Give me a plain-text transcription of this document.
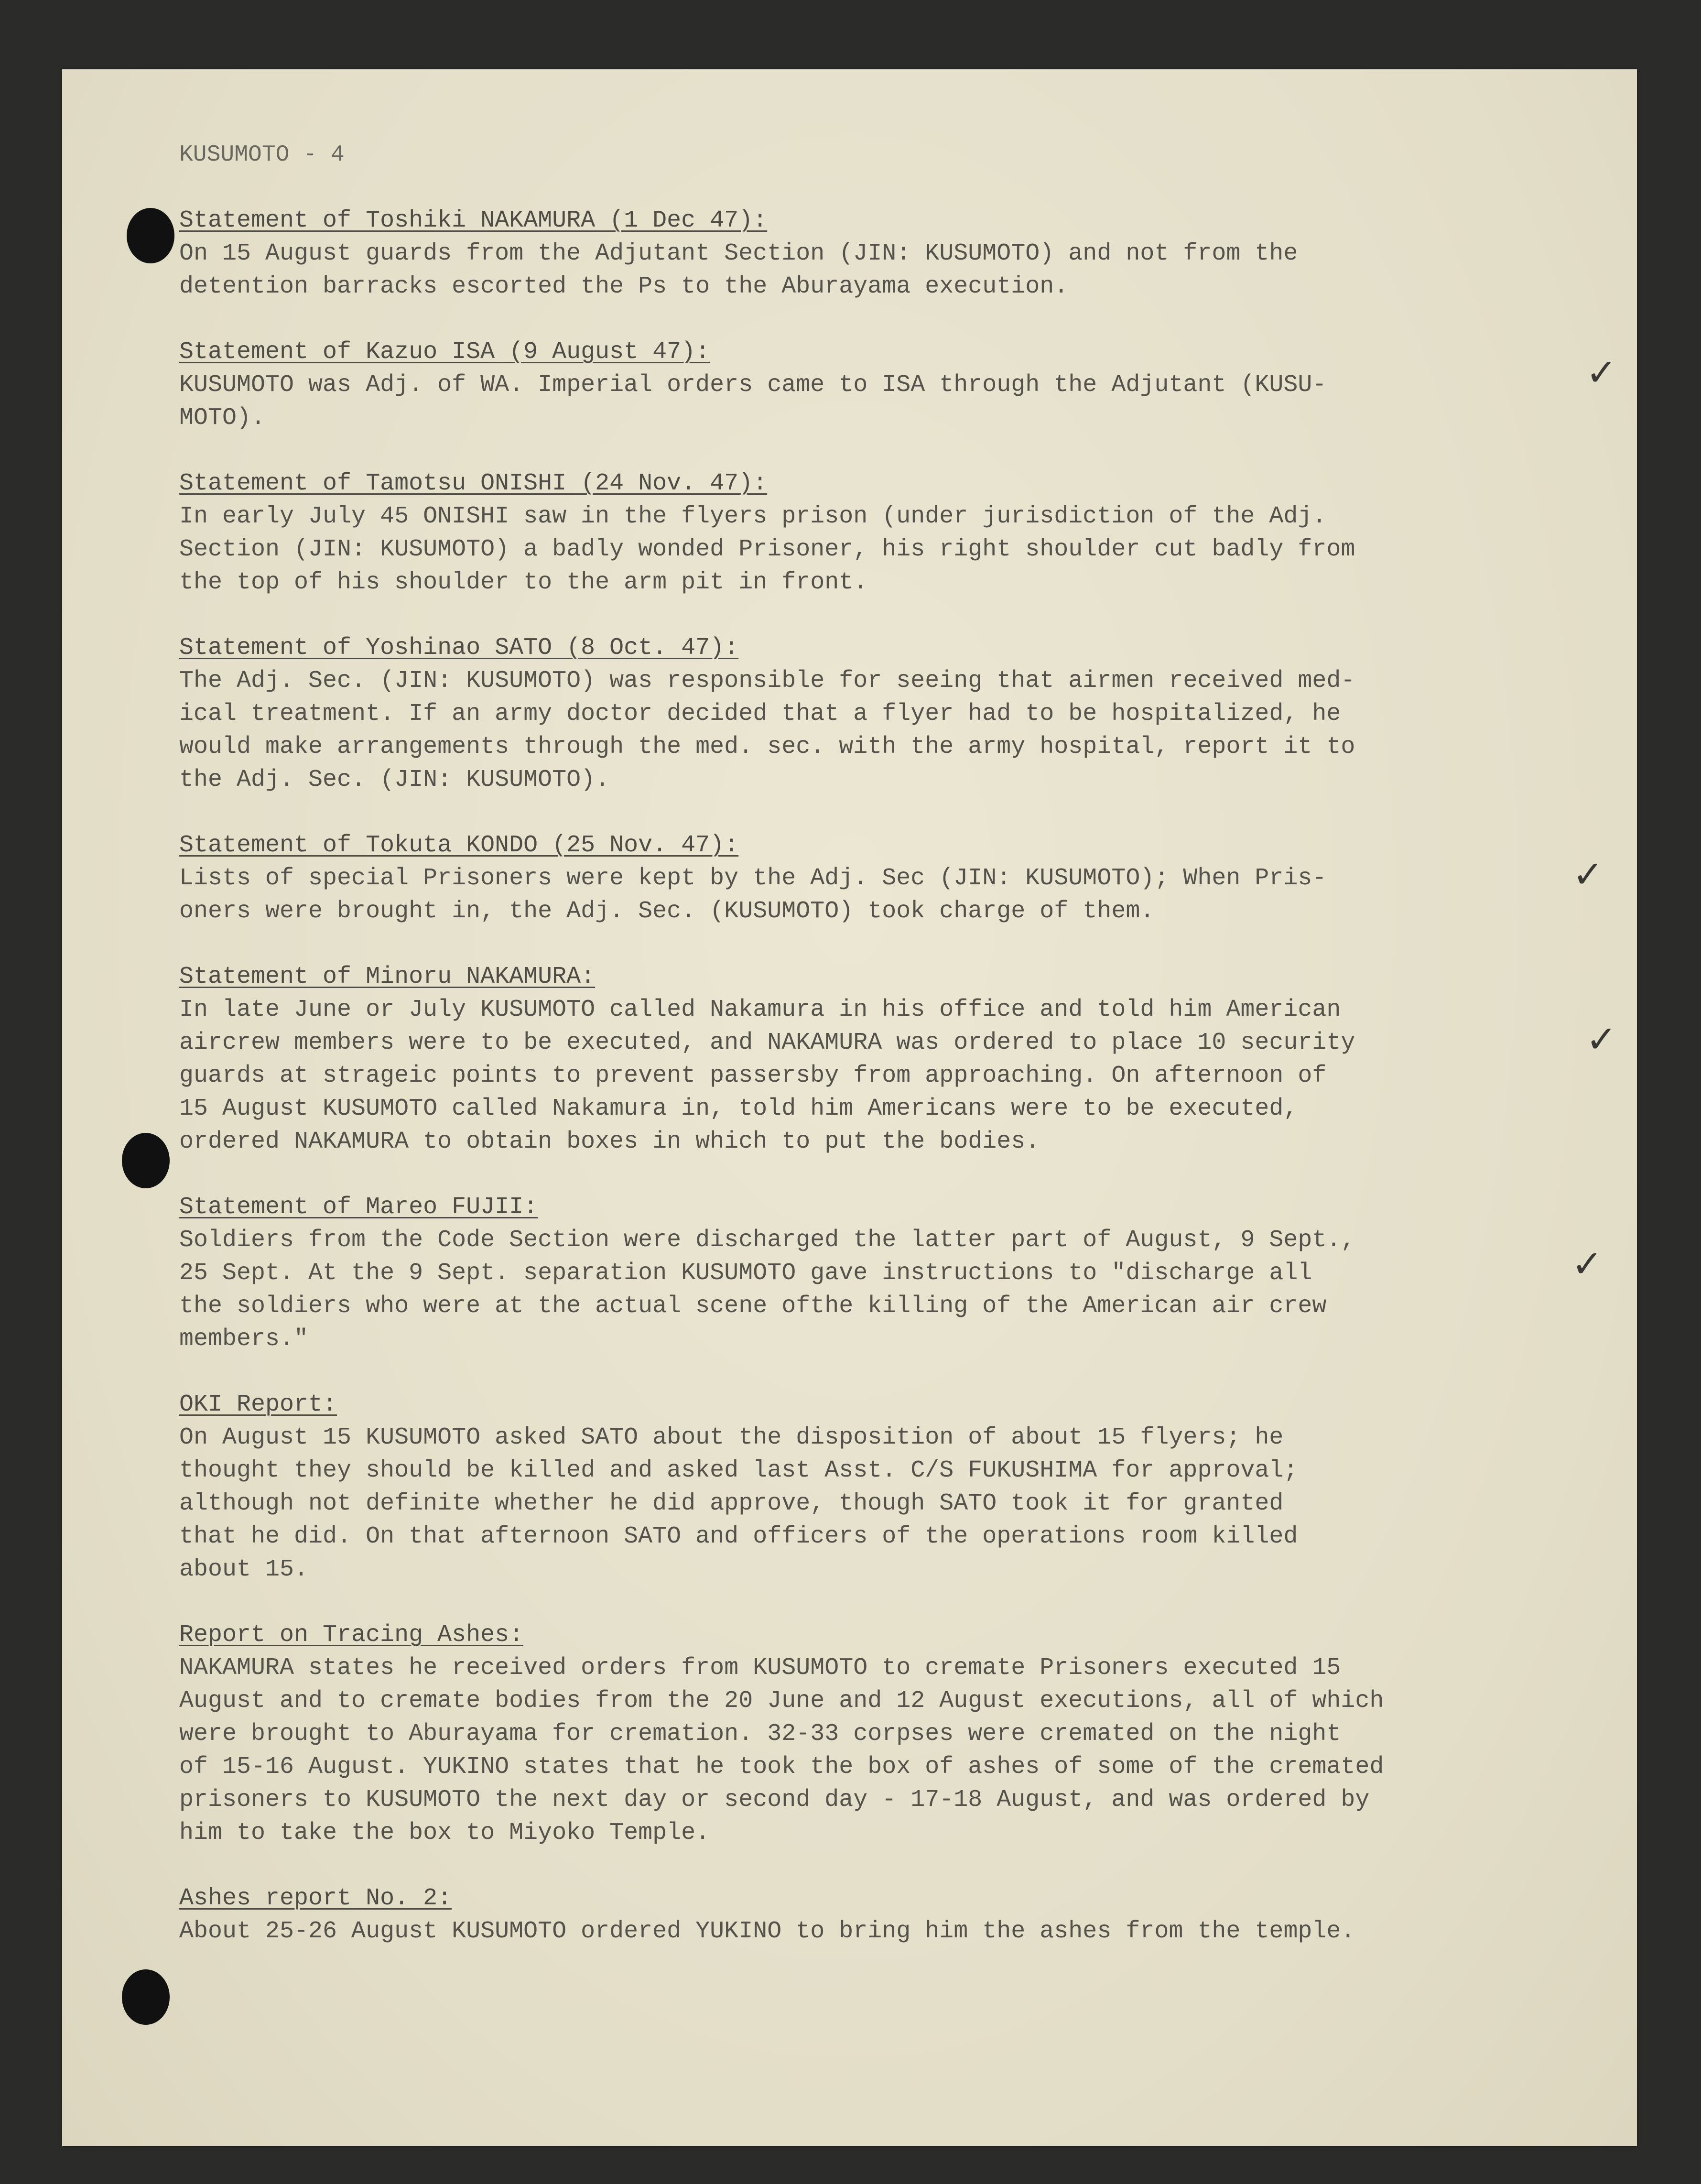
KUSUMOTO - 4
Statement of Toshiki NAKAMURA (1 Dec 47):
On 15 August guards from the Adjutant Section (JIN: KUSUMOTO) and not from the
detention barracks escorted the Ps to the Aburayama execution.
Statement of Kazuo ISA (9 August 47):
KUSUMOTO was Adj. of WA. Imperial orders came to ISA through the Adjutant (KUSU-
MOTO).
Statement of Tamotsu ONISHI (24 Nov. 47):
In early July 45 ONISHI saw in the flyers prison (under jurisdiction of the Adj.
Section (JIN: KUSUMOTO) a badly wonded Prisoner, his right shoulder cut badly from
the top of his shoulder to the arm pit in front.
Statement of Yoshinao SATO (8 Oct. 47):
The Adj. Sec. (JIN: KUSUMOTO) was responsible for seeing that airmen received med-
ical treatment. If an army doctor decided that a flyer had to be hospitalized, he
would make arrangements through the med. sec. with the army hospital, report it to
the Adj. Sec. (JIN: KUSUMOTO).
Statement of Tokuta KONDO (25 Nov. 47):
Lists of special Prisoners were kept by the Adj. Sec (JIN: KUSUMOTO); When Pris-
oners were brought in, the Adj. Sec. (KUSUMOTO) took charge of them.
Statement of Minoru NAKAMURA:
In late June or July KUSUMOTO called Nakamura in his office and told him American
aircrew members were to be executed, and NAKAMURA was ordered to place 10 security
guards at strageic points to prevent passersby from approaching. On afternoon of
15 August KUSUMOTO called Nakamura in, told him Americans were to be executed,
ordered NAKAMURA to obtain boxes in which to put the bodies.
Statement of Mareo FUJII:
Soldiers from the Code Section were discharged the latter part of August, 9 Sept.,
25 Sept. At the 9 Sept. separation KUSUMOTO gave instructions to "discharge all
the soldiers who were at the actual scene ofthe killing of the American air crew
members."
OKI Report:
On August 15 KUSUMOTO asked SATO about the disposition of about 15 flyers; he
thought they should be killed and asked last Asst. C/S FUKUSHIMA for approval;
although not definite whether he did approve, though SATO took it for granted
that he did. On that afternoon SATO and officers of the operations room killed
about 15.
Report on Tracing Ashes:
NAKAMURA states he received orders from KUSUMOTO to cremate Prisoners executed 15
August and to cremate bodies from the 20 June and 12 August executions, all of which
were brought to Aburayama for cremation. 32-33 corpses were cremated on the night
of 15-16 August. YUKINO states that he took the box of ashes of some of the cremated
prisoners to KUSUMOTO the next day or second day - 17-18 August, and was ordered by
him to take the box to Miyoko Temple.
Ashes report No. 2:
About 25-26 August KUSUMOTO ordered YUKINO to bring him the ashes from the temple.
✓
✓
✓
✓
